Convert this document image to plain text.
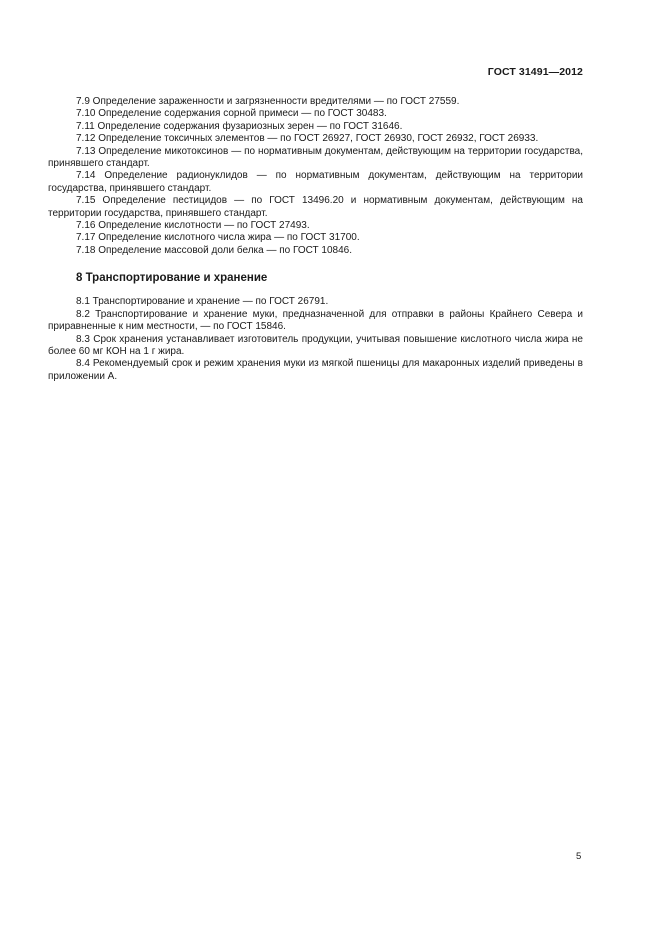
ГОСТ 31491—2012

7.9 Определение зараженности и загрязненности вредителями — по ГОСТ 27559.

7.10 Определение содержания сорной примеси — по ГОСТ 30483.

7.11 Определение содержания фузариозных зерен — по ГОСТ 31646.

7.12 Определение токсичных элементов — по ГОСТ 26927, ГОСТ 26930, ГОСТ 26932, ГОСТ 26933.

7.13 Определение микотоксинов — по нормативным документам, действующим на территории государства, принявшего стандарт.

7.14 Определение радионуклидов — по нормативным документам, действующим на территории государства, принявшего стандарт.

7.15 Определение пестицидов — по ГОСТ 13496.20 и нормативным документам, действующим на территории государства, принявшего стандарт.

7.16 Определение кислотности — по ГОСТ 27493.

7.17 Определение кислотного числа жира — по ГОСТ 31700.

7.18 Определение массовой доли белка — по ГОСТ 10846.

8 Транспортирование и хранение

8.1 Транспортирование и хранение — по ГОСТ 26791.

8.2 Транспортирование и хранение муки, предназначенной для отправки в районы Крайнего Севера и приравненные к ним местности, — по ГОСТ 15846.

8.3 Срок хранения устанавливает изготовитель продукции, учитывая повышение кислотного числа жира не более 60 мг КОН на 1 г жира.

8.4 Рекомендуемый срок и режим хранения муки из мягкой пшеницы для макаронных изделий приведены в приложении А.

5
